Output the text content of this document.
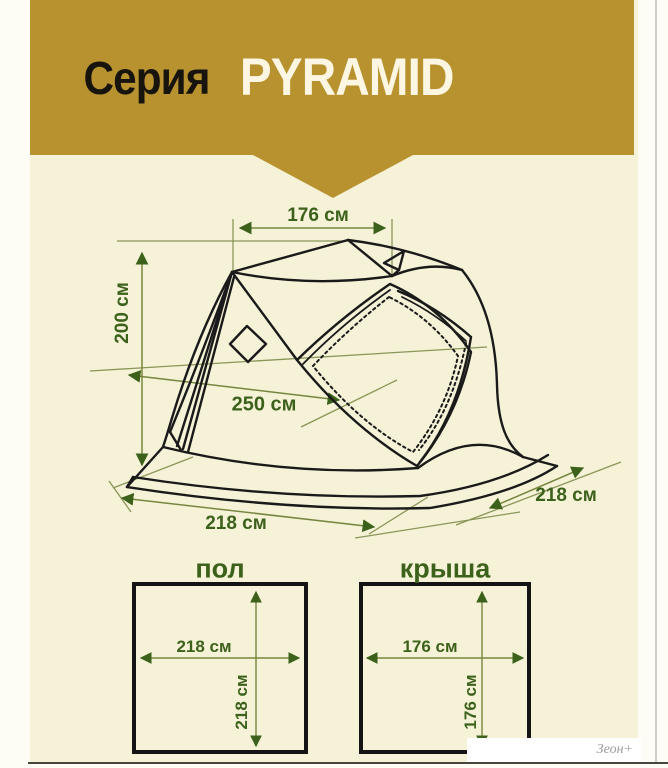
Серия PYRAMID
176 см
200 см
250 см
218 см
218 см
пол
218 см
218 см
крыша
176 см
176 см
Зеон+
